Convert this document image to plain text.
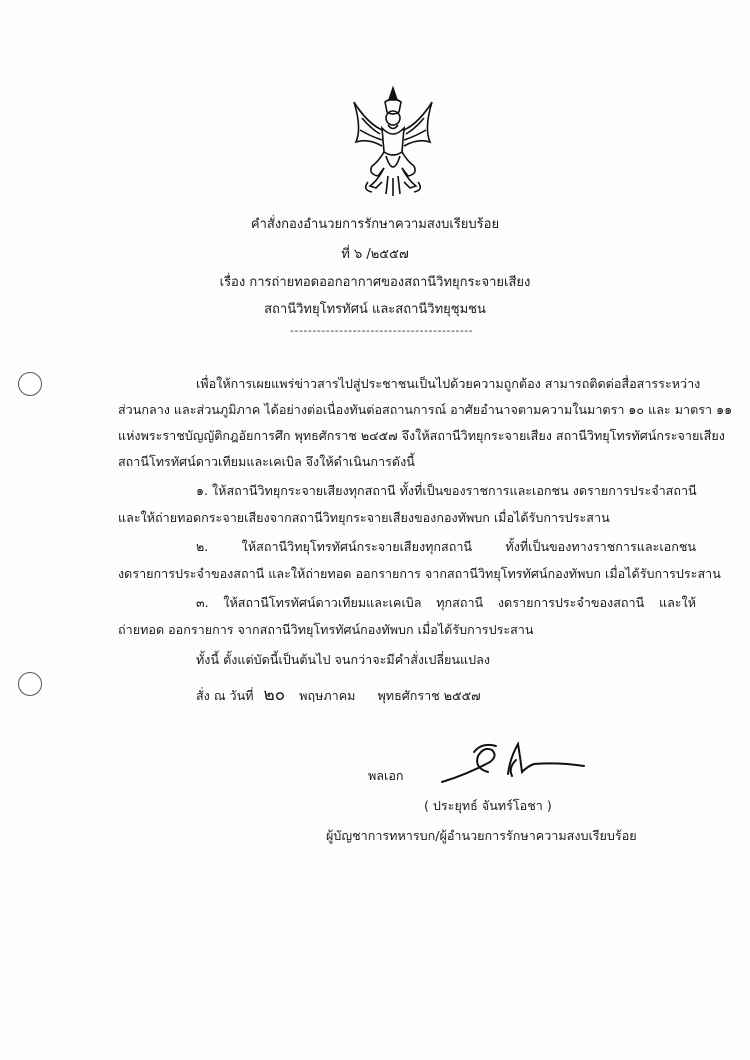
คำสั่งกองอำนวยการรักษาความสงบเรียบร้อย
ที่ ๖ /๒๕๕๗
เรื่อง การถ่ายทอดออกอากาศของสถานีวิทยุกระจายเสียง
สถานีวิทยุโทรทัศน์ และสถานีวิทยุชุมชน
-----------------------------------------
เพื่อให้การเผยแพร่ข่าวสารไปสู่ประชาชนเป็นไปด้วยความถูกต้อง สามารถติดต่อสื่อสารระหว่าง
ส่วนกลาง และส่วนภูมิภาค ได้อย่างต่อเนื่องทันต่อสถานการณ์ อาศัยอำนาจตามความในมาตรา ๑๐ และ มาตรา ๑๑
แห่งพระราชบัญญัติกฎอัยการศึก พุทธศักราช ๒๔๕๗ จึงให้สถานีวิทยุกระจายเสียง สถานีวิทยุโทรทัศน์กระจายเสียง
สถานีโทรทัศน์ดาวเทียมและเคเบิล จึงให้ดำเนินการดังนี้
๑. ให้สถานีวิทยุกระจายเสียงทุกสถานี ทั้งที่เป็นของราชการและเอกชน งดรายการประจำสถานี
และให้ถ่ายทอดกระจายเสียงจากสถานีวิทยุกระจายเสียงของกองทัพบก เมื่อได้รับการประสาน
๒. ให้สถานีวิทยุโทรทัศน์กระจายเสียงทุกสถานี ทั้งที่เป็นของทางราชการและเอกชน
งดรายการประจำของสถานี และให้ถ่ายทอด ออกรายการ จากสถานีวิทยุโทรทัศน์กองทัพบก เมื่อได้รับการประสาน
๓. ให้สถานีโทรทัศน์ดาวเทียมและเคเบิล ทุกสถานี งดรายการประจำของสถานี และให้
ถ่ายทอด ออกรายการ จากสถานีวิทยุโทรทัศน์กองทัพบก เมื่อได้รับการประสาน
ทั้งนี้ ตั้งแต่บัดนี้เป็นต้นไป จนกว่าจะมีคำสั่งเปลี่ยนแปลง
สั่ง ณ วันที่ ๒๐ พฤษภาคม พุทธศักราช ๒๕๕๗
พลเอก
( ประยุทธ์ จันทร์โอชา )
ผู้บัญชาการทหารบก/ผู้อำนวยการรักษาความสงบเรียบร้อย
